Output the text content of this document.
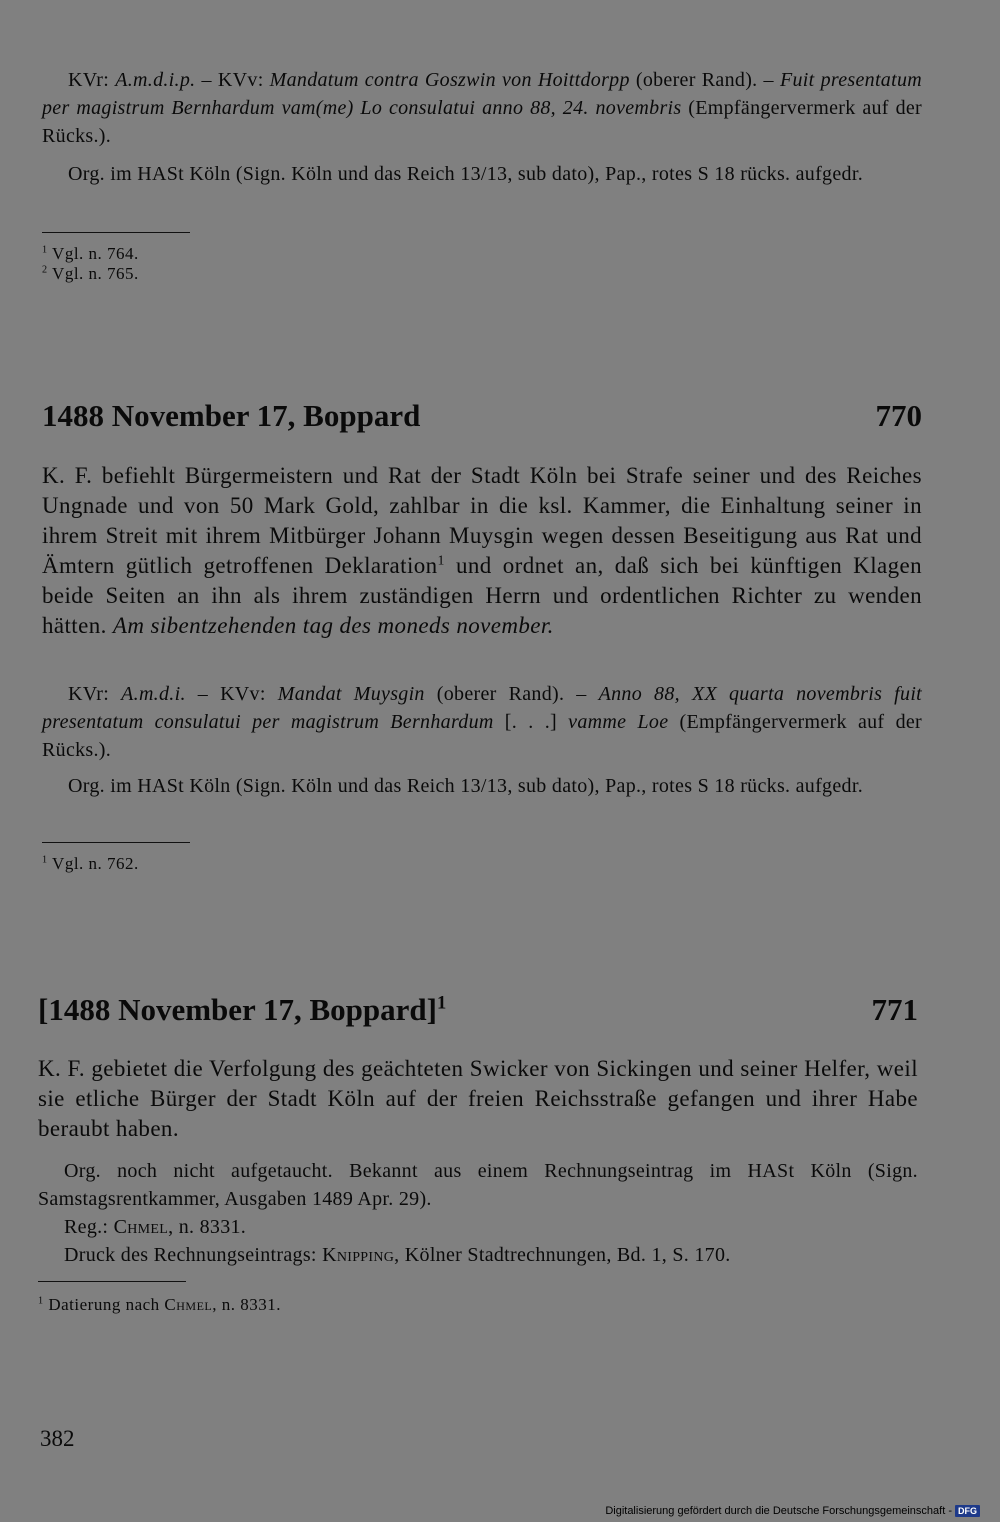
KVr: A.m.d.i.p. – KVv: Mandatum contra Goszwin von Hoittdorpp (oberer Rand). – Fuit presentatum per magistrum Bernhardum vam(me) Lo consulatui anno 88, 24. novembris (Empfängervermerk auf der Rücks.).

Org. im HASt Köln (Sign. Köln und das Reich 13/13, sub dato), Pap., rotes S 18 rücks. aufgedr.

$^1$ Vgl. n. 764.
$^2$ Vgl. n. 765.
1488 November 17, Boppard	770

K. F. befiehlt Bürgermeistern und Rat der Stadt Köln bei Strafe seiner und des Reiches Ungnade und von 50 Mark Gold, zahlbar in die ksl. Kammer, die Einhaltung seiner in ihrem Streit mit ihrem Mitbürger Johann Muysgin wegen dessen Beseitigung aus Rat und Ämtern gütlich getroffenen Deklaration$^1$ und ordnet an, daß sich bei künftigen Klagen beide Seiten an ihn als ihrem zuständigen Herrn und ordentlichen Richter zu wenden hätten. Am sibentzehenden tag des moneds november.

KVr: A.m.d.i. – KVv: Mandat Muysgin (oberer Rand). – Anno 88, XX quarta novembris fuit presentatum consulatui per magistrum Bernhardum [. . .] vamme Loe (Empfängervermerk auf der Rücks.).

Org. im HASt Köln (Sign. Köln und das Reich 13/13, sub dato), Pap., rotes S 18 rücks. aufgedr.

$^1$ Vgl. n. 762.
[1488 November 17, Boppard]$^1$	771

K. F. gebietet die Verfolgung des geächteten Swicker von Sickingen und seiner Helfer, weil sie etliche Bürger der Stadt Köln auf der freien Reichsstraße gefangen und ihrer Habe beraubt haben.

Org. noch nicht aufgetaucht. Bekannt aus einem Rechnungseintrag im HASt Köln (Sign. Samstagsrentkammer, Ausgaben 1489 Apr. 29).

Reg.: Chmel, n. 8331.

Druck des Rechnungseintrags: Knipping, Kölner Stadtrechnungen, Bd. 1, S. 170.

$^1$ Datierung nach Chmel, n. 8331.
382
Digitalisierung gefördert durch die Deutsche Forschungsgemeinschaft - DFG
